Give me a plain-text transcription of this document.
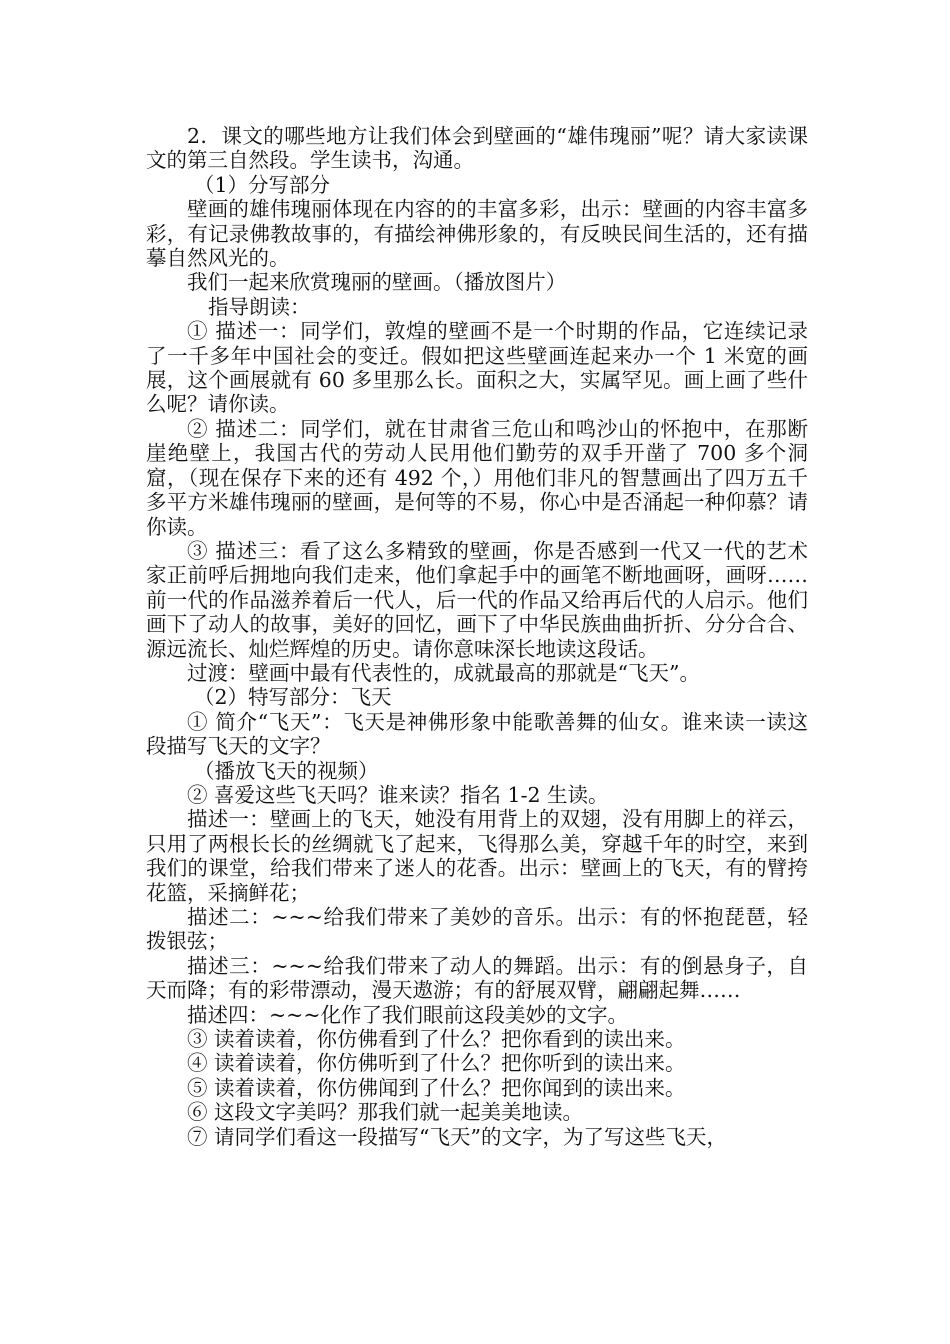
2．课文的哪些地方让我们体会到壁画的“雄伟瑰丽”呢？请大家读课文的第三自然段。学生读书，沟通。

（1）分写部分

壁画的雄伟瑰丽体现在内容的的丰富多彩，出示：壁画的内容丰富多彩，有记录佛教故事的，有描绘神佛形象的，有反映民间生活的，还有描摹自然风光的。

我们一起来欣赏瑰丽的壁画。（播放图片）

指导朗读：

① 描述一：同学们，敦煌的壁画不是一个时期的作品，它连续记录了一千多年中国社会的变迁。假如把这些壁画连起来办一个 1 米宽的画展，这个画展就有 60 多里那么长。面积之大，实属罕见。画上画了些什么呢？请你读。

② 描述二：同学们，就在甘肃省三危山和鸣沙山的怀抱中，在那断崖绝壁上，我国古代的劳动人民用他们勤劳的双手开凿了 700 多个洞窟，（现在保存下来的还有 492 个，）用他们非凡的智慧画出了四万五千多平方米雄伟瑰丽的壁画，是何等的不易，你心中是否涌起一种仰慕？请你读。

③ 描述三：看了这么多精致的壁画，你是否感到一代又一代的艺术家正前呼后拥地向我们走来，他们拿起手中的画笔不断地画呀，画呀……前一代的作品滋养着后一代人，后一代的作品又给再后代的人启示。他们画下了动人的故事，美好的回忆，画下了中华民族曲曲折折、分分合合、源远流长、灿烂辉煌的历史。请你意味深长地读这段话。

过渡：壁画中最有代表性的，成就最高的那就是“飞天”。

（2）特写部分：飞天

① 简介“飞天”：飞天是神佛形象中能歌善舞的仙女。谁来读一读这段描写飞天的文字？

（播放飞天的视频）

② 喜爱这些飞天吗？谁来读？指名 1-2 生读。

描述一：壁画上的飞天，她没有用背上的双翅，没有用脚上的祥云，只用了两根长长的丝绸就飞了起来，飞得那么美，穿越千年的时空，来到我们的课堂，给我们带来了迷人的花香。出示：壁画上的飞天，有的臂挎花篮，采摘鲜花；

描述二：~~~给我们带来了美妙的音乐。出示：有的怀抱琵琶，轻拨银弦；

描述三：~~~给我们带来了动人的舞蹈。出示：有的倒悬身子，自天而降；有的彩带漂动，漫天遨游；有的舒展双臂，翩翩起舞……

描述四：~~~化作了我们眼前这段美妙的文字。

③ 读着读着，你仿佛看到了什么？把你看到的读出来。

④ 读着读着，你仿佛听到了什么？把你听到的读出来。

⑤ 读着读着，你仿佛闻到了什么？把你闻到的读出来。

⑥ 这段文字美吗？那我们就一起美美地读。

⑦ 请同学们看这一段描写“飞天”的文字，为了写这些飞天，
